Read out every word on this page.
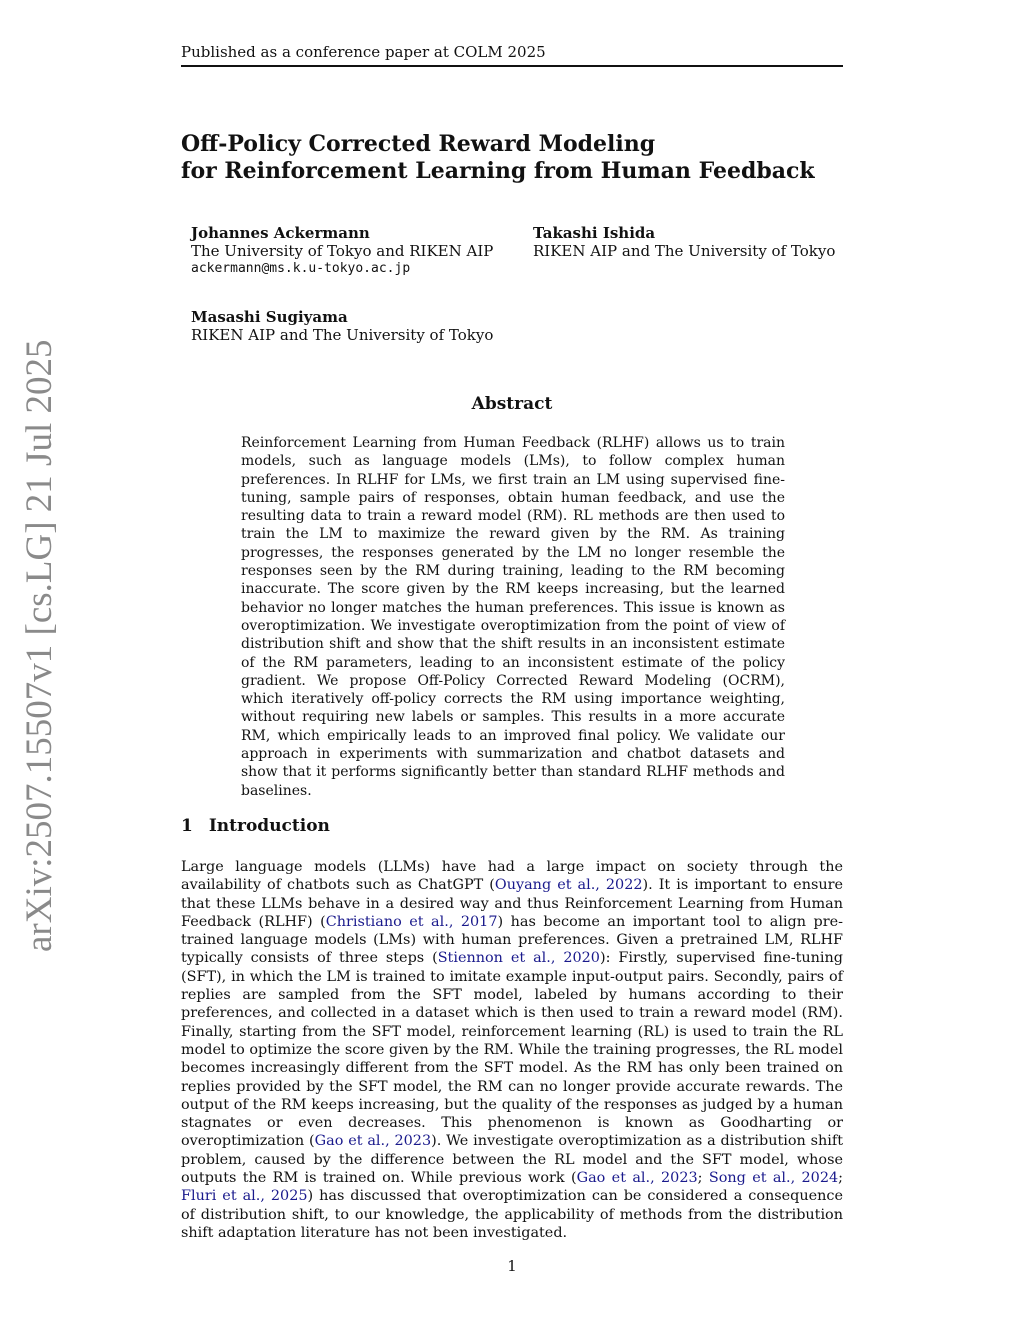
Published as a conference paper at COLM 2025
arXiv:2507.15507v1 [cs.LG] 21 Jul 2025
Off-Policy Corrected Reward Modeling
for Reinforcement Learning from Human Feedback
Johannes Ackermann
The University of Tokyo and RIKEN AIP
ackermann@ms.k.u-tokyo.ac.jp
Takashi Ishida
RIKEN AIP and The University of Tokyo
Masashi Sugiyama
RIKEN AIP and The University of Tokyo
Abstract

Reinforcement Learning from Human Feedback (RLHF) allows us to train models, such as language models (LMs), to follow complex human preferences. In RLHF for LMs, we first train an LM using supervised fine-tuning, sample pairs of responses, obtain human feedback, and use the resulting data to train a reward model (RM). RL methods are then used to train the LM to maximize the reward given by the RM. As training progresses, the responses generated by the LM no longer resemble the responses seen by the RM during training, leading to the RM becoming inaccurate. The score given by the RM keeps increasing, but the learned behavior no longer matches the human preferences. This issue is known as overoptimization. We investigate overoptimization from the point of view of distribution shift and show that the shift results in an inconsistent estimate of the RM parameters, leading to an inconsistent estimate of the policy gradient. We propose Off-Policy Corrected Reward Modeling (OCRM), which iteratively off-policy corrects the RM using importance weighting, without requiring new labels or samples. This results in a more accurate RM, which empirically leads to an improved final policy. We validate our approach in experiments with summarization and chatbot datasets and show that it performs significantly better than standard RLHF methods and baselines.

1 Introduction

Large language models (LLMs) have had a large impact on society through the availability of chatbots such as ChatGPT (Ouyang et al., 2022). It is important to ensure that these LLMs behave in a desired way and thus Reinforcement Learning from Human Feedback (RLHF) (Christiano et al., 2017) has become an important tool to align pre-trained language models (LMs) with human preferences. Given a pretrained LM, RLHF typically consists of three steps (Stiennon et al., 2020): Firstly, supervised fine-tuning (SFT), in which the LM is trained to imitate example input-output pairs. Secondly, pairs of replies are sampled from the SFT model, labeled by humans according to their preferences, and collected in a dataset which is then used to train a reward model (RM). Finally, starting from the SFT model, reinforcement learning (RL) is used to train the RL model to optimize the score given by the RM. While the training progresses, the RL model becomes increasingly different from the SFT model. As the RM has only been trained on replies provided by the SFT model, the RM can no longer provide accurate rewards. The output of the RM keeps increasing, but the quality of the responses as judged by a human stagnates or even decreases. This phenomenon is known as Goodharting or overoptimization (Gao et al., 2023). We investigate overoptimization as a distribution shift problem, caused by the difference between the RL model and the SFT model, whose outputs the RM is trained on. While previous work (Gao et al., 2023; Song et al., 2024; Fluri et al., 2025) has discussed that overoptimization can be considered a consequence of distribution shift, to our knowledge, the applicability of methods from the distribution shift adaptation literature has not been investigated.

1
